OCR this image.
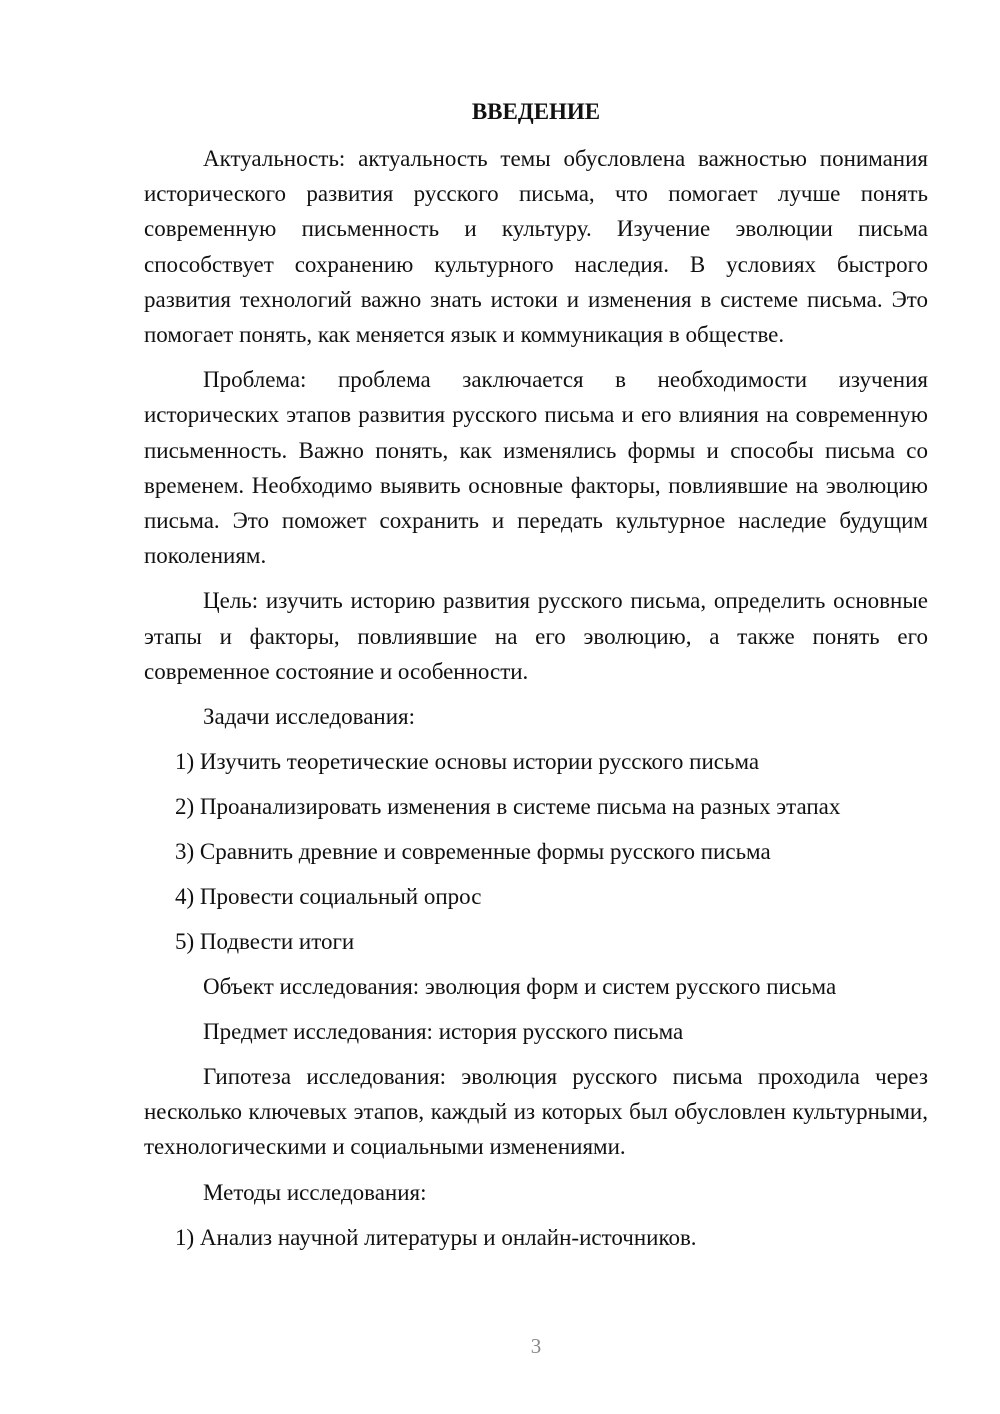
ВВЕДЕНИЕ

Актуальность: актуальность темы обусловлена важностью понимания исторического развития русского письма, что помогает лучше понять современную письменность и культуру. Изучение эволюции письма способствует сохранению культурного наследия. В условиях быстрого развития технологий важно знать истоки и изменения в системе письма. Это помогает понять, как меняется язык и коммуникация в обществе.

Проблема: проблема заключается в необходимости изучения исторических этапов развития русского письма и его влияния на современную письменность. Важно понять, как изменялись формы и способы письма со временем. Необходимо выявить основные факторы, повлиявшие на эволюцию письма. Это поможет сохранить и передать культурное наследие будущим поколениям.

Цель: изучить историю развития русского письма, определить основные этапы и факторы, повлиявшие на его эволюцию, а также понять его современное состояние и особенности.

Задачи исследования:
1) Изучить теоретические основы истории русского письма
2) Проанализировать изменения в системе письма на разных этапах
3) Сравнить древние и современные формы русского письма
4) Провести социальный опрос
5) Подвести итоги
Объект исследования: эволюция форм и систем русского письма
Предмет исследования: история русского письма

Гипотеза исследования: эволюция русского письма проходила через несколько ключевых этапов, каждый из которых был обусловлен культурными, технологическими и социальными изменениями.

Методы исследования:
1) Анализ научной литературы и онлайн-источников.
3
